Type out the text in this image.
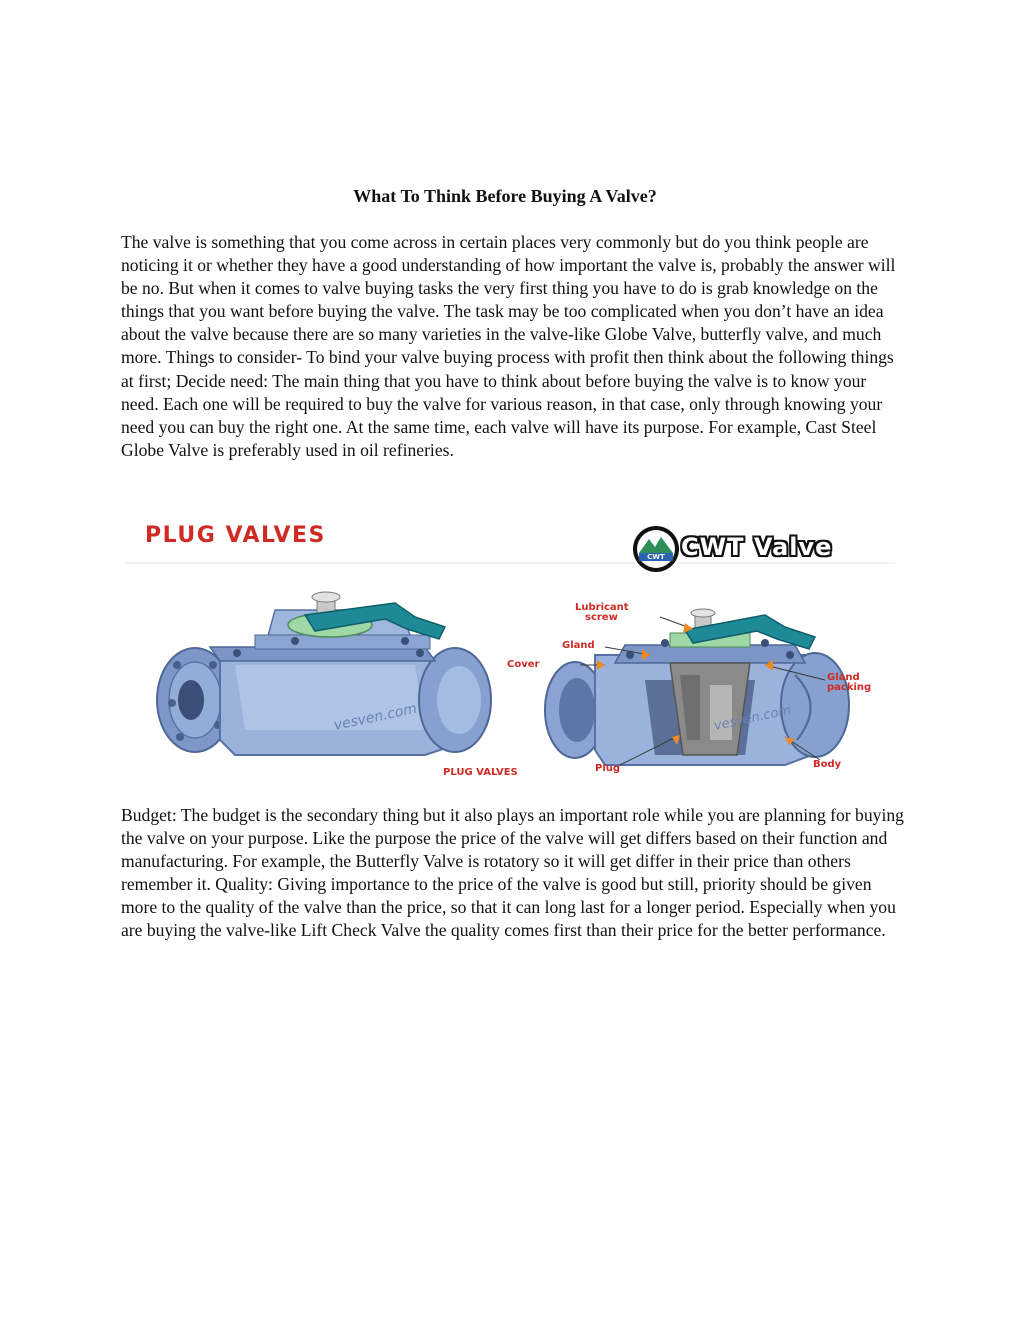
What To Think Before Buying A Valve?

The valve is something that you come across in certain places very commonly but do you think people are noticing it or whether they have a good understanding of how important the valve is, probably the answer will be no. But when it comes to valve buying tasks the very first thing you have to do is grab knowledge on the things that you want before buying the valve. The task may be too complicated when you don’t have an idea about the valve because there are so many varieties in the valve-like Globe Valve, butterfly valve, and much more. Things to consider- To bind your valve buying process with profit then think about the following things at first; Decide need: The main thing that you have to think about before buying the valve is to know your need. Each one will be required to buy the valve for various reason, in that case, only through knowing your need you can buy the right one. At the same time, each valve will have its purpose. For example, Cast Steel Globe Valve is preferably used in oil refineries.

vesven.com	vesven.com
PLUG VALVES
CWT CWT Valve
Lubricant
screw
Gland
Cover
Gland
packing
Plug	Body
PLUG VALVES

Budget: The budget is the secondary thing but it also plays an important role while you are planning for buying the valve on your purpose. Like the purpose the price of the valve will get differs based on their function and manufacturing. For example, the Butterfly Valve is rotatory so it will get differ in their price than others remember it. Quality: Giving importance to the price of the valve is good but still, priority should be given more to the quality of the valve than the price, so that it can long last for a longer period. Especially when you are buying the valve-like Lift Check Valve the quality comes first than their price for the better performance.
